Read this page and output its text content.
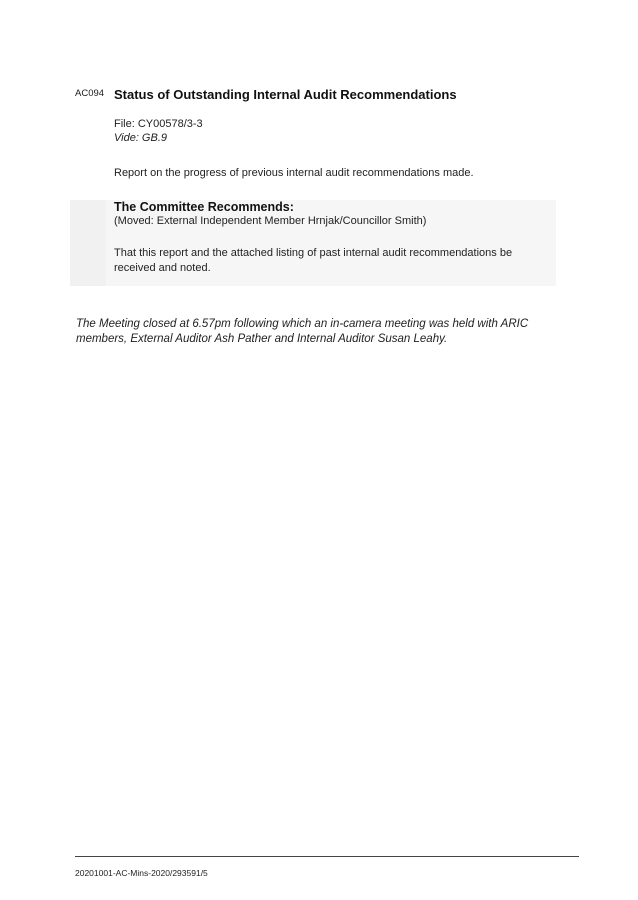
AC094 Status of Outstanding Internal Audit Recommendations
File: CY00578/3-3
Vide: GB.9
Report on the progress of previous internal audit recommendations made.
The Committee Recommends:
(Moved: External Independent Member Hrnjak/Councillor Smith)
That this report and the attached listing of past internal audit recommendations be received and noted.
The Meeting closed at 6.57pm following which an in-camera meeting was held with ARIC members, External Auditor Ash Pather and Internal Auditor Susan Leahy.
20201001-AC-Mins-2020/293591/5
